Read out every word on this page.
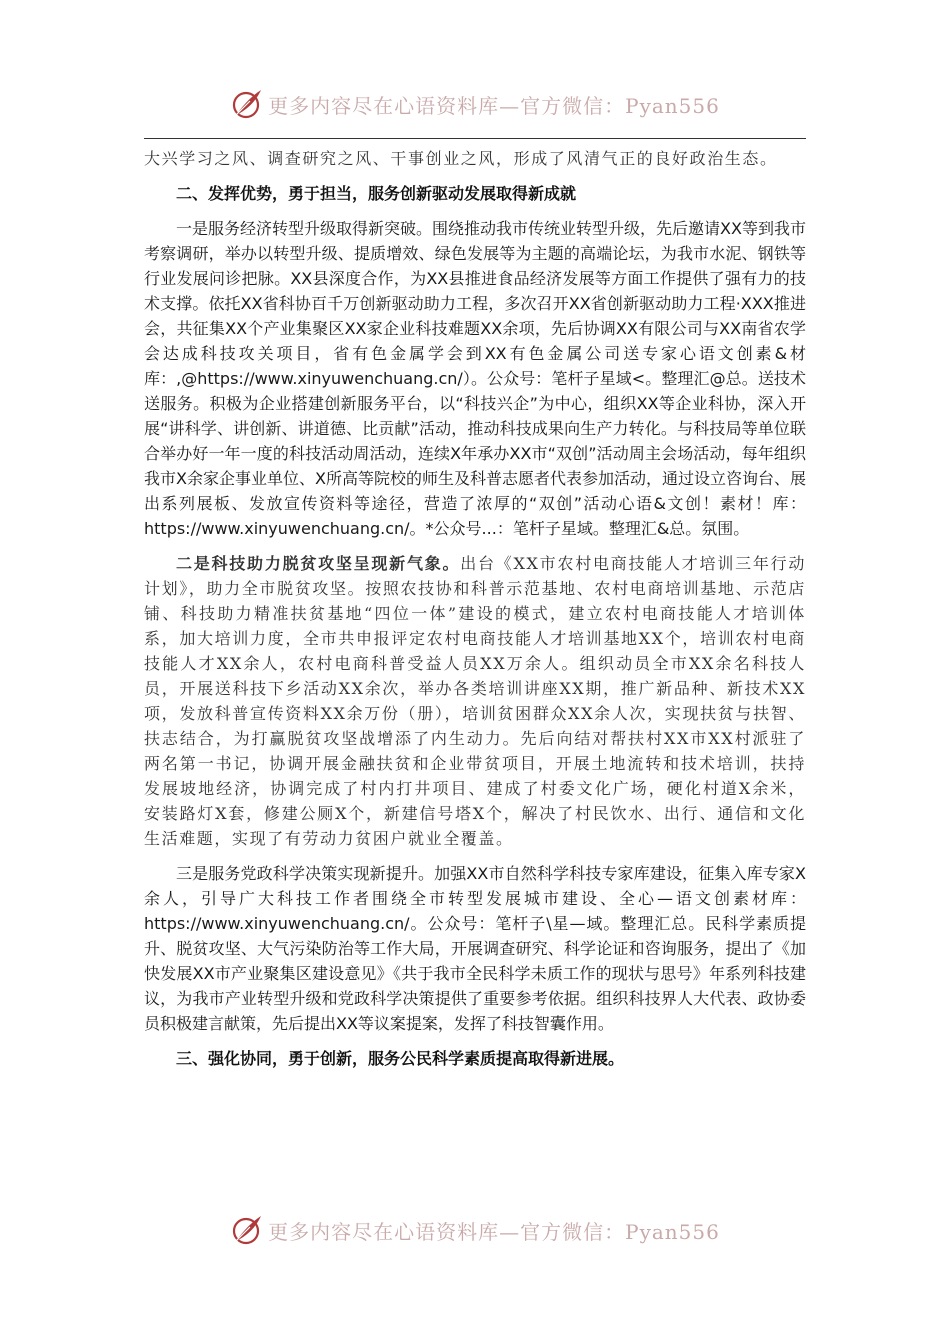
更多内容尽在心语资料库—官方微信：Pyan556

大兴学习之风、调查研究之风、干事创业之风，形成了风清气正的良好政治生态。

二、发挥优势，勇于担当，服务创新驱动发展取得新成就

一是服务经济转型升级取得新突破。围绕推动我市传统业转型升级，先后邀请XX等到我市考察调研，举办以转型升级、提质增效、绿色发展等为主题的高端论坛，为我市水泥、钢铁等行业发展问诊把脉。XX县深度合作，为XX县推进食品经济发展等方面工作提供了强有力的技术支撑。依托XX省科协百千万创新驱动助力工程，多次召开XX省创新驱动助力工程·XXX推进会，共征集XX个产业集聚区XX家企业科技难题XX余项，先后协调XX有限公司与XX南省农学会达成科技攻关项目，省有色金属学会到XX有色金属公司送专家心语文创素&材库：,@https://www.xinyuwenchuang.cn/）。公众号：笔杆子星域<。整理汇@总。送技术送服务。积极为企业搭建创新服务平台，以“科技兴企”为中心，组织XX等企业科协，深入开展“讲科学、讲创新、讲道德、比贡献”活动，推动科技成果向生产力转化。与科技局等单位联合举办好一年一度的科技活动周活动，连续X年承办XX市“双创”活动周主会场活动，每年组织我市X余家企事业单位、X所高等院校的师生及科普志愿者代表参加活动，通过设立咨询台、展出系列展板、发放宣传资料等途径，营造了浓厚的“双创”活动心语&文创！素材！库：https://www.xinyuwenchuang.cn/。*公众号...：笔杆子星域。整理汇&总。氛围。

二是科技助力脱贫攻坚呈现新气象。出台《XX市农村电商技能人才培训三年行动计划》，助力全市脱贫攻坚。按照农技协和科普示范基地、农村电商培训基地、示范店铺、科技助力精准扶贫基地“四位一体”建设的模式，建立农村电商技能人才培训体系，加大培训力度，全市共申报评定农村电商技能人才培训基地XX个，培训农村电商技能人才XX余人，农村电商科普受益人员XX万余人。组织动员全市XX余名科技人员，开展送科技下乡活动XX余次，举办各类培训讲座XX期，推广新品种、新技术XX项，发放科普宣传资料XX余万份（册），培训贫困群众XX余人次，实现扶贫与扶智、扶志结合，为打赢脱贫攻坚战增添了内生动力。先后向结对帮扶村XX市XX村派驻了两名第一书记，协调开展金融扶贫和企业带贫项目，开展土地流转和技术培训，扶持发展坡地经济，协调完成了村内打井项目、建成了村委文化广场，硬化村道X余米，安装路灯X套，修建公厕X个，新建信号塔X个，解决了村民饮水、出行、通信和文化生活难题，实现了有劳动力贫困户就业全覆盖。

三是服务党政科学决策实现新提升。加强XX市自然科学科技专家库建设，征集入库专家X余人，引导广大科技工作者围绕全市转型发展城市建设、全心—语文创素材库：https://www.xinyuwenchuang.cn/。公众号：笔杆子\星—域。整理汇总。民科学素质提升、脱贫攻坚、大气污染防治等工作大局，开展调查研究、科学论证和咨询服务，提出了《加快发展XX市产业聚集区建设意见》《共于我市全民科学未质工作的现状与思号》年系列科技建议，为我市产业转型升级和党政科学决策提供了重要参考依据。组织科技界人大代表、政协委员积极建言献策，先后提出XX等议案提案，发挥了科技智囊作用。

三、强化协同，勇于创新，服务公民科学素质提高取得新进展。
更多内容尽在心语资料库—官方微信：Pyan556
